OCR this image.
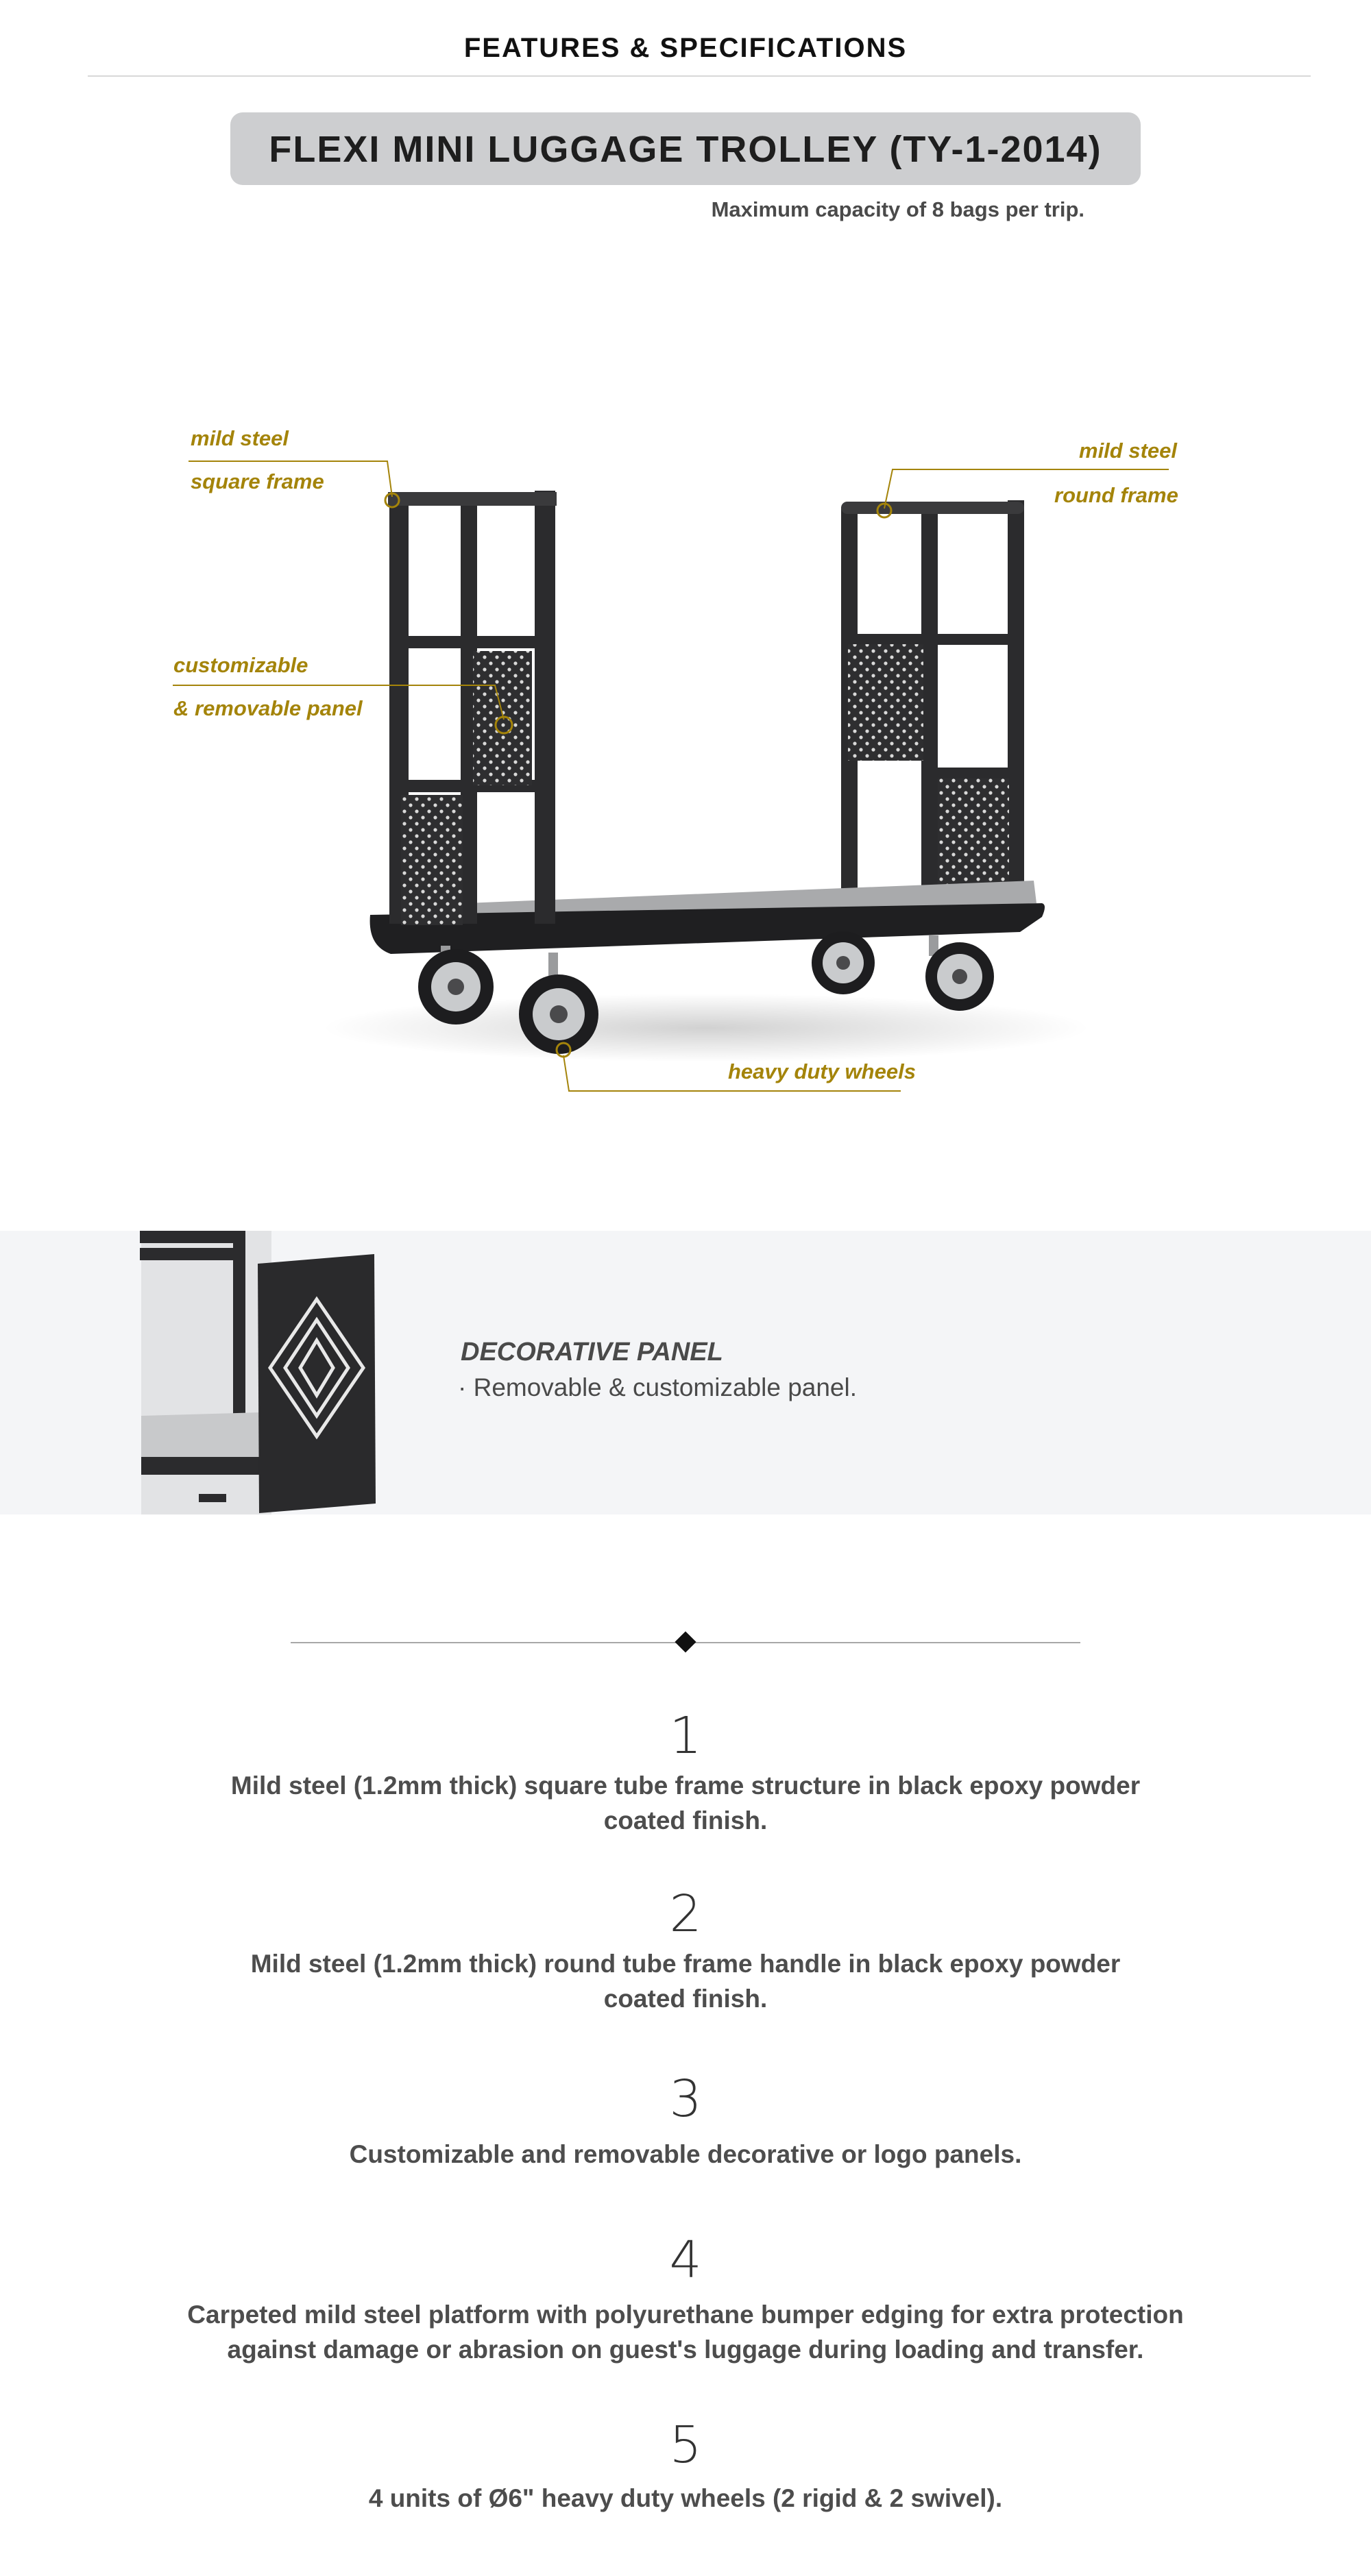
FEATURES & SPECIFICATIONS
FLEXI MINI LUGGAGE TROLLEY (TY-1-2014)
Maximum capacity of 8 bags per trip.
mild steel
square frame
mild steel
round frame
customizable
& removable panel
heavy duty wheels
DECORATIVE PANEL
· Removable & customizable panel.
1
Mild steel (1.2mm thick) square tube frame structure in black epoxy powder
coated finish.
2
Mild steel (1.2mm thick) round tube frame handle in black epoxy powder
coated finish.
3
Customizable and removable decorative or logo panels.
4
Carpeted mild steel platform with polyurethane bumper edging for extra protection
against damage or abrasion on guest's luggage during loading and transfer.
5
4 units of Ø6" heavy duty wheels (2 rigid & 2 swivel).
